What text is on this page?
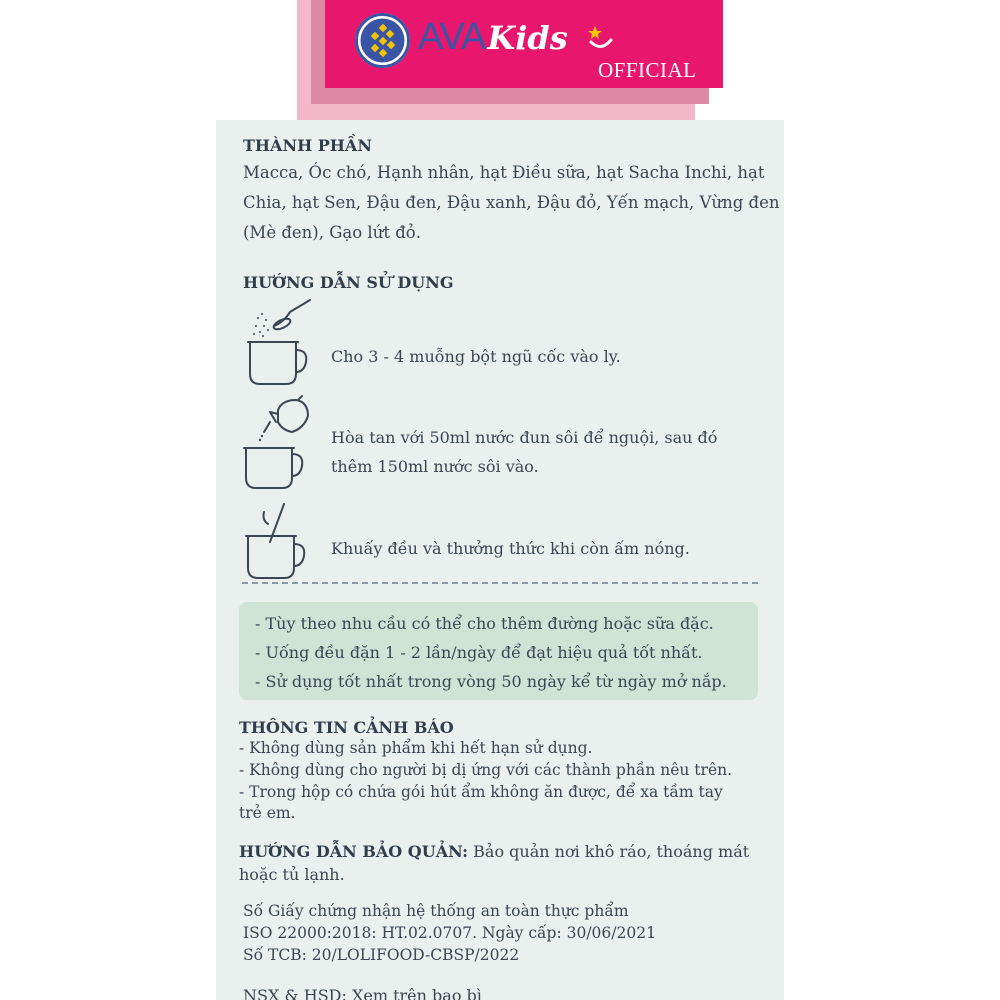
AVA Kids
OFFICIAL
THÀNH PHẦN
Macca, Óc chó, Hạnh nhân, hạt Điều sữa, hạt Sacha Inchi, hạt
Chia, hạt Sen, Đậu đen, Đậu xanh, Đậu đỏ, Yến mạch, Vừng đen
(Mè đen), Gạo lứt đỏ.
HƯỚNG DẪN SỬ DỤNG
Cho 3 - 4 muỗng bột ngũ cốc vào ly.
Hòa tan với 50ml nước đun sôi để nguội, sau đó
thêm 150ml nước sôi vào.
Khuấy đều và thưởng thức khi còn ấm nóng.
- Tùy theo nhu cầu có thể cho thêm đường hoặc sữa đặc.
- Uống đều đặn 1 - 2 lần/ngày để đạt hiệu quả tốt nhất.
- Sử dụng tốt nhất trong vòng 50 ngày kể từ ngày mở nắp.
THÔNG TIN CẢNH BÁO
- Không dùng sản phẩm khi hết hạn sử dụng.
- Không dùng cho người bị dị ứng với các thành phần nêu trên.
- Trong hộp có chứa gói hút ẩm không ăn được, để xa tầm tay
trẻ em.
HƯỚNG DẪN BẢO QUẢN: Bảo quản nơi khô ráo, thoáng mát hoặc tủ lạnh.
Số Giấy chứng nhận hệ thống an toàn thực phẩm
ISO 22000:2018: HT.02.0707. Ngày cấp: 30/06/2021
Số TCB: 20/LOLIFOOD-CBSP/2022
NSX & HSD: Xem trên bao bì
